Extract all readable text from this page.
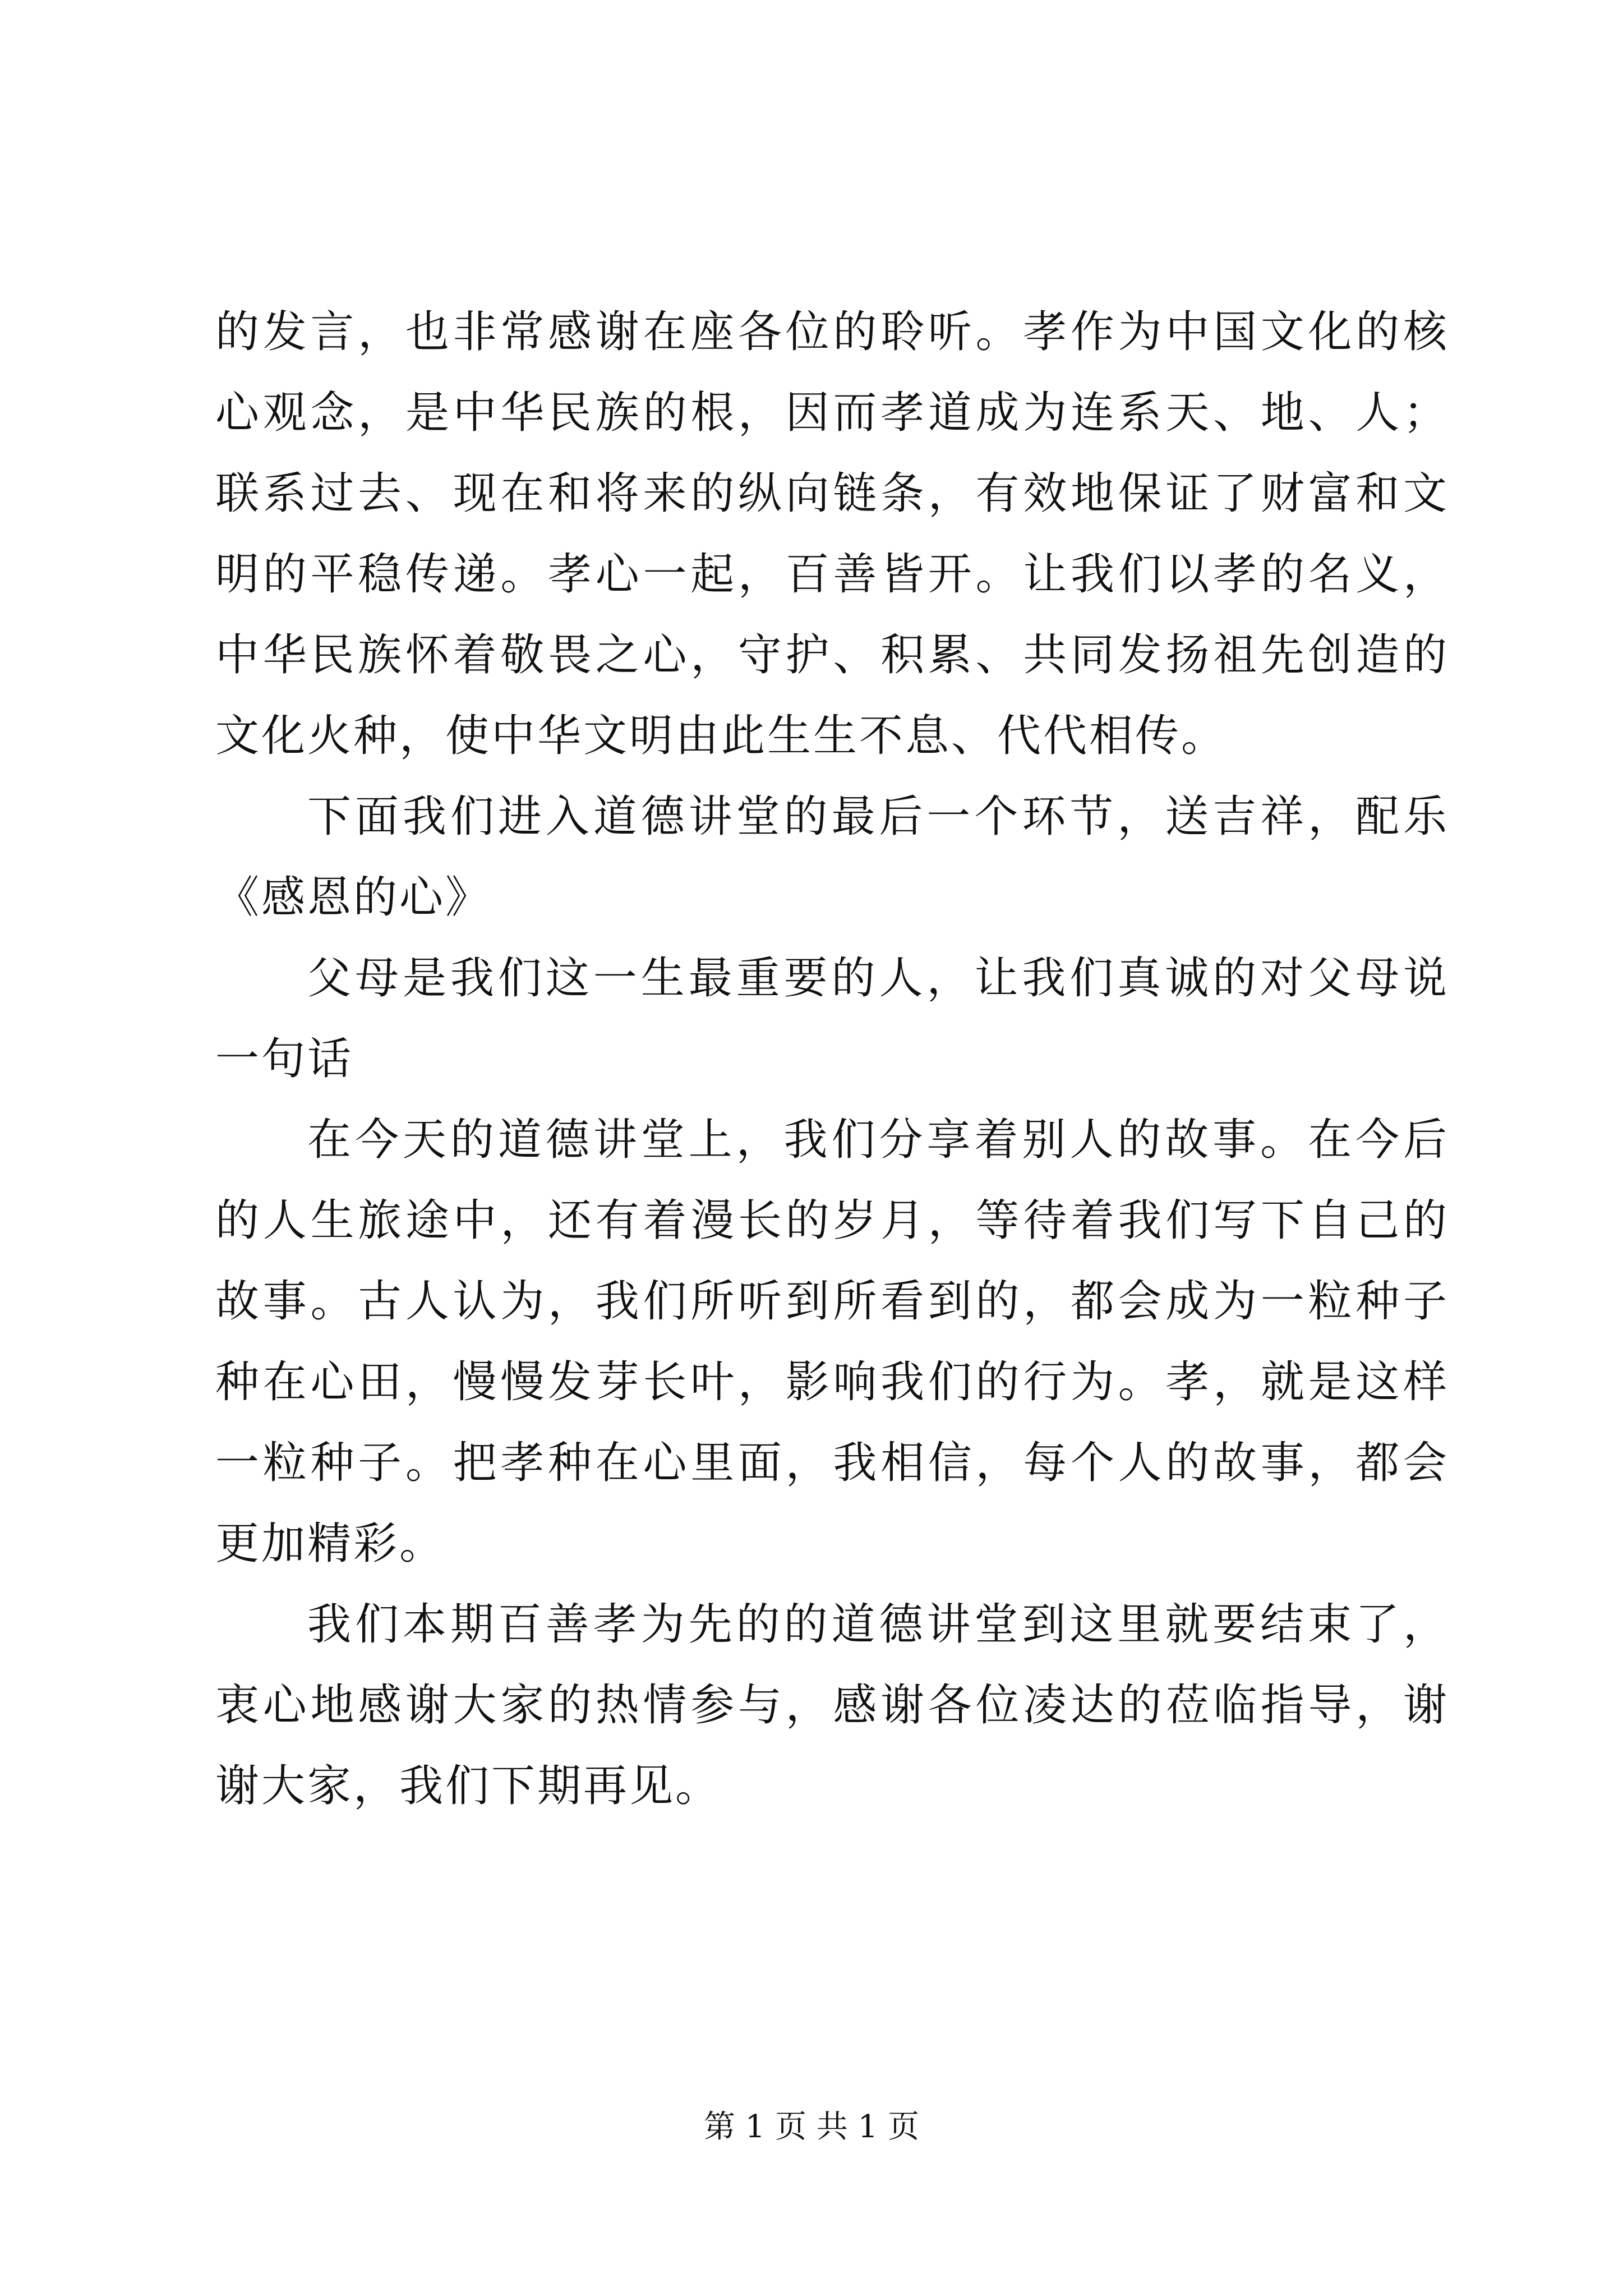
的发言，也非常感谢在座各位的聆听。孝作为中国文化的核心观念，是中华民族的根，因而孝道成为连系天、地、人；联系过去、现在和将来的纵向链条，有效地保证了财富和文明的平稳传递。孝心一起，百善皆开。让我们以孝的名义，中华民族怀着敬畏之心，守护、积累、共同发扬祖先创造的文化火种，使中华文明由此生生不息、代代相传。

下面我们进入道德讲堂的最后一个环节，送吉祥，配乐《感恩的心》

父母是我们这一生最重要的人，让我们真诚的对父母说一句话

在今天的道德讲堂上，我们分享着别人的故事。在今后的人生旅途中，还有着漫长的岁月，等待着我们写下自己的故事。古人认为，我们所听到所看到的，都会成为一粒种子种在心田，慢慢发芽长叶，影响我们的行为。孝，就是这样一粒种子。把孝种在心里面，我相信，每个人的故事，都会更加精彩。

我们本期百善孝为先的的道德讲堂到这里就要结束了，衷心地感谢大家的热情参与，感谢各位凌达的莅临指导，谢谢大家，我们下期再见。

第 1 页 共 1 页
